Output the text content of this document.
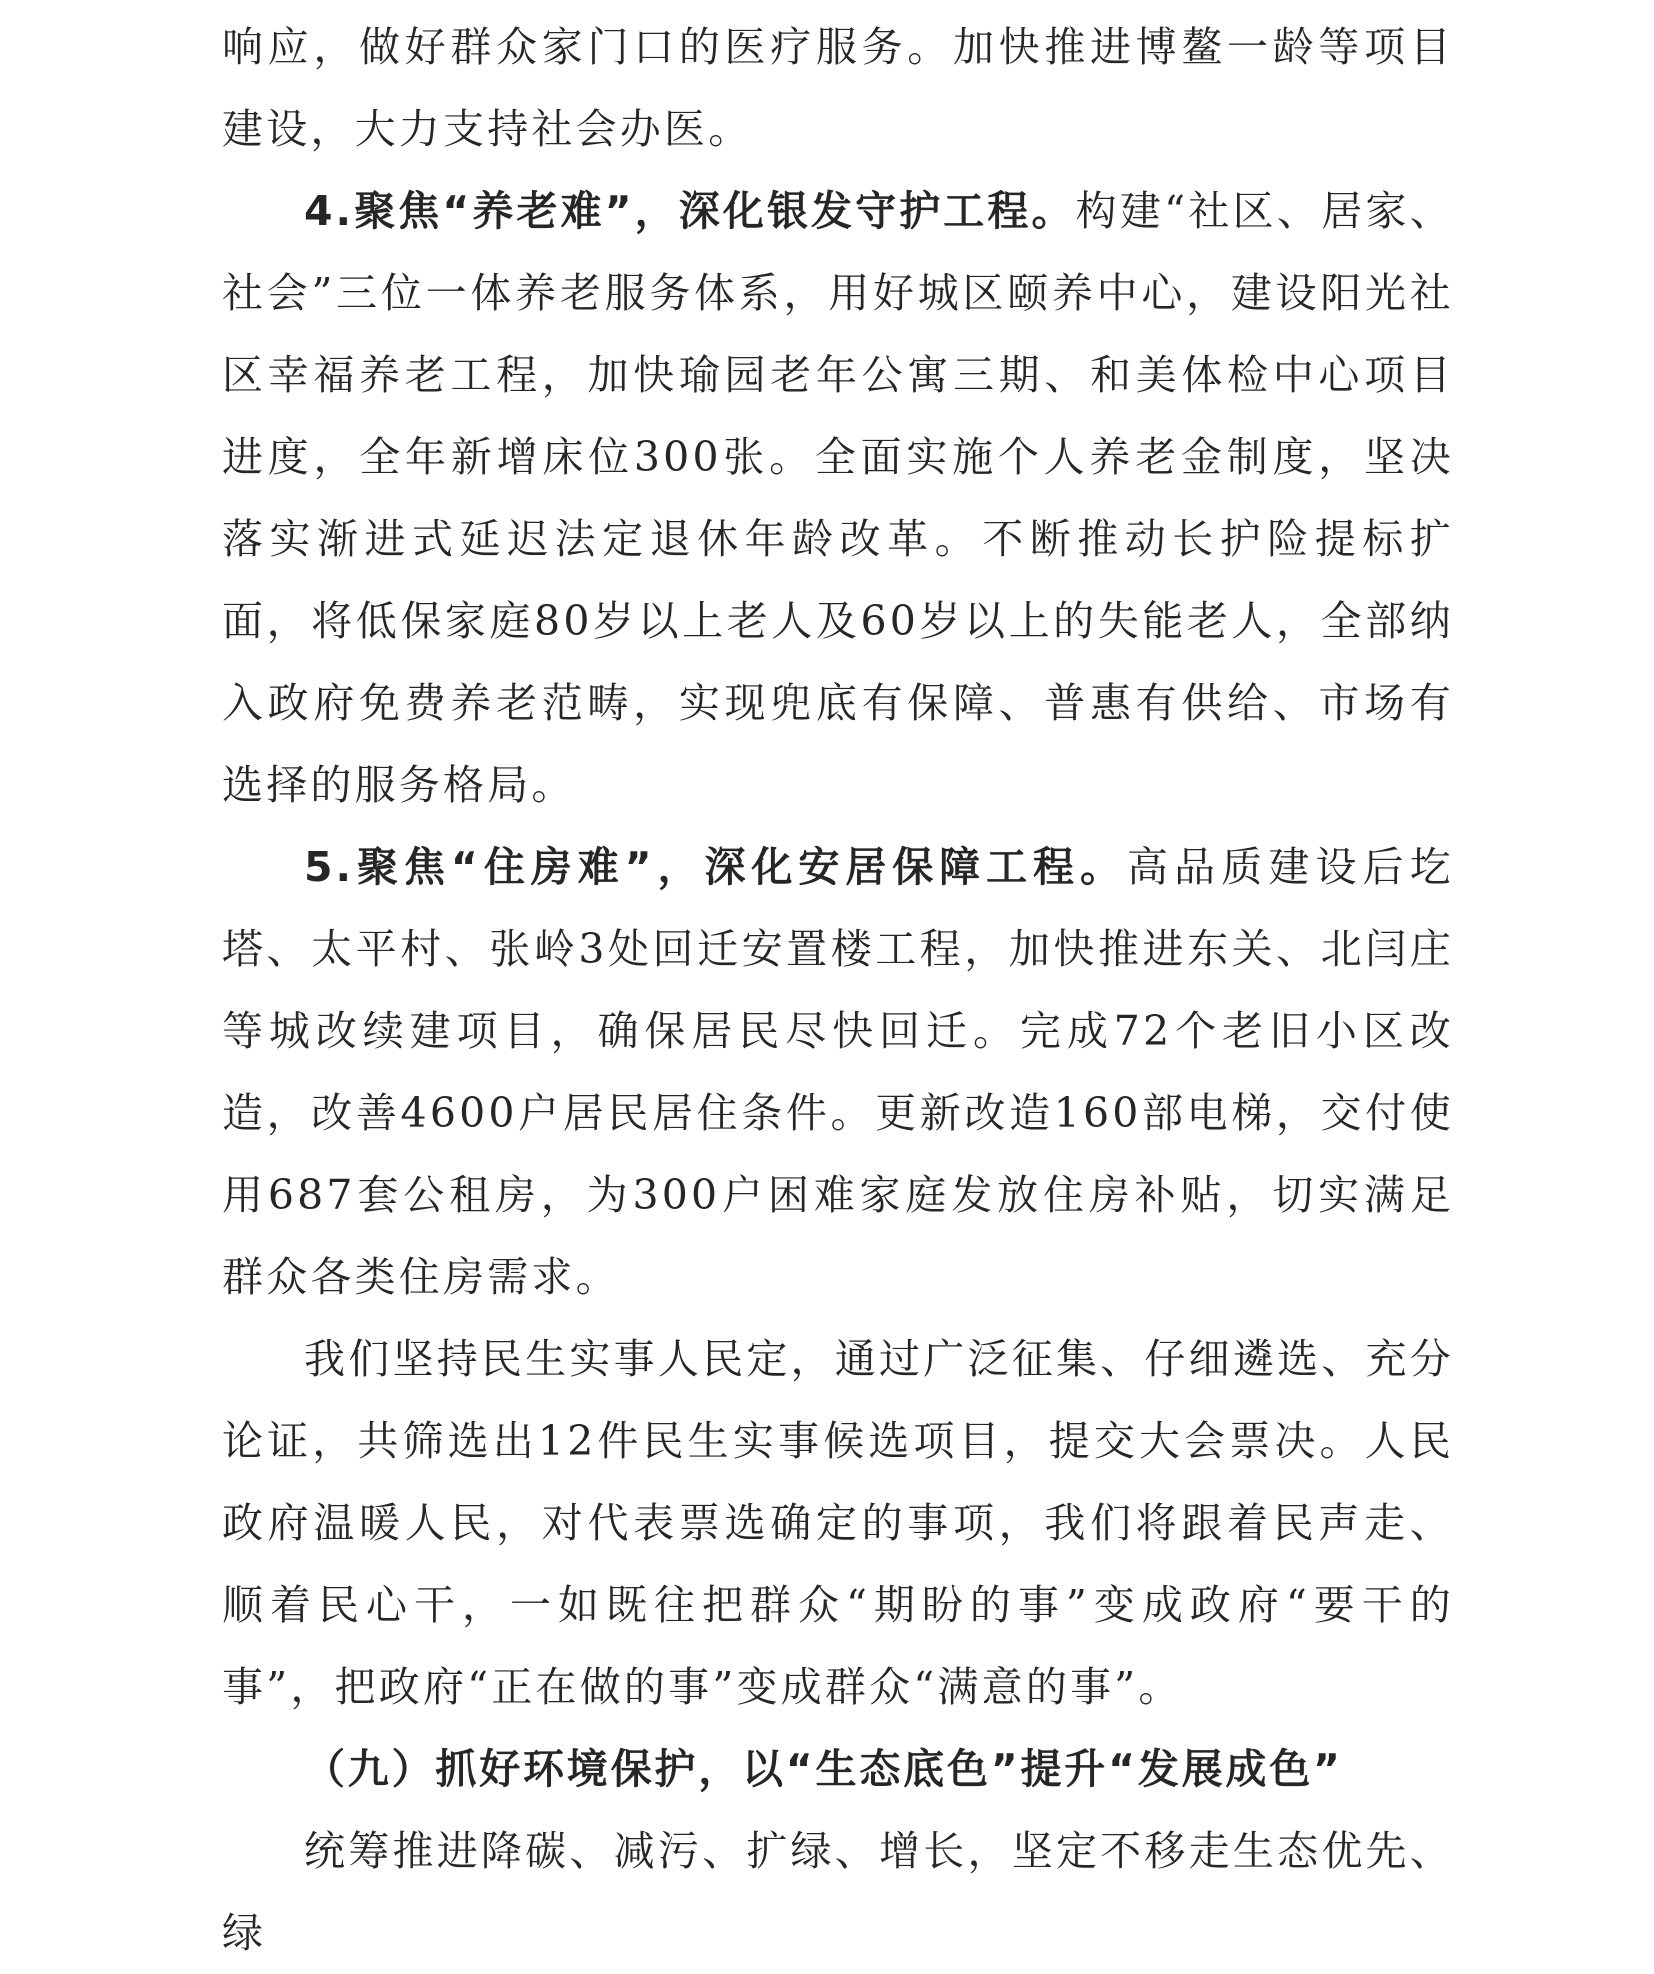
响应，做好群众家门口的医疗服务。加快推进博鳌一龄等项目建设，大力支持社会办医。

4.聚焦“养老难”，深化银发守护工程。构建“社区、居家、社会”三位一体养老服务体系，用好城区颐养中心，建设阳光社区幸福养老工程，加快瑜园老年公寓三期、和美体检中心项目进度，全年新增床位300张。全面实施个人养老金制度，坚决落实渐进式延迟法定退休年龄改革。不断推动长护险提标扩面，将低保家庭80岁以上老人及60岁以上的失能老人，全部纳入政府免费养老范畴，实现兜底有保障、普惠有供给、市场有选择的服务格局。

5.聚焦“住房难”，深化安居保障工程。高品质建设后圪塔、太平村、张岭3处回迁安置楼工程，加快推进东关、北闫庄等城改续建项目，确保居民尽快回迁。完成72个老旧小区改造，改善4600户居民居住条件。更新改造160部电梯，交付使用687套公租房，为300户困难家庭发放住房补贴，切实满足群众各类住房需求。

我们坚持民生实事人民定，通过广泛征集、仔细遴选、充分论证，共筛选出12件民生实事候选项目，提交大会票决。人民政府温暖人民，对代表票选确定的事项，我们将跟着民声走、顺着民心干，一如既往把群众“期盼的事”变成政府“要干的事”，把政府“正在做的事”变成群众“满意的事”。

（九）抓好环境保护，以“生态底色”提升“发展成色”

统筹推进降碳、减污、扩绿、增长，坚定不移走生态优先、绿
